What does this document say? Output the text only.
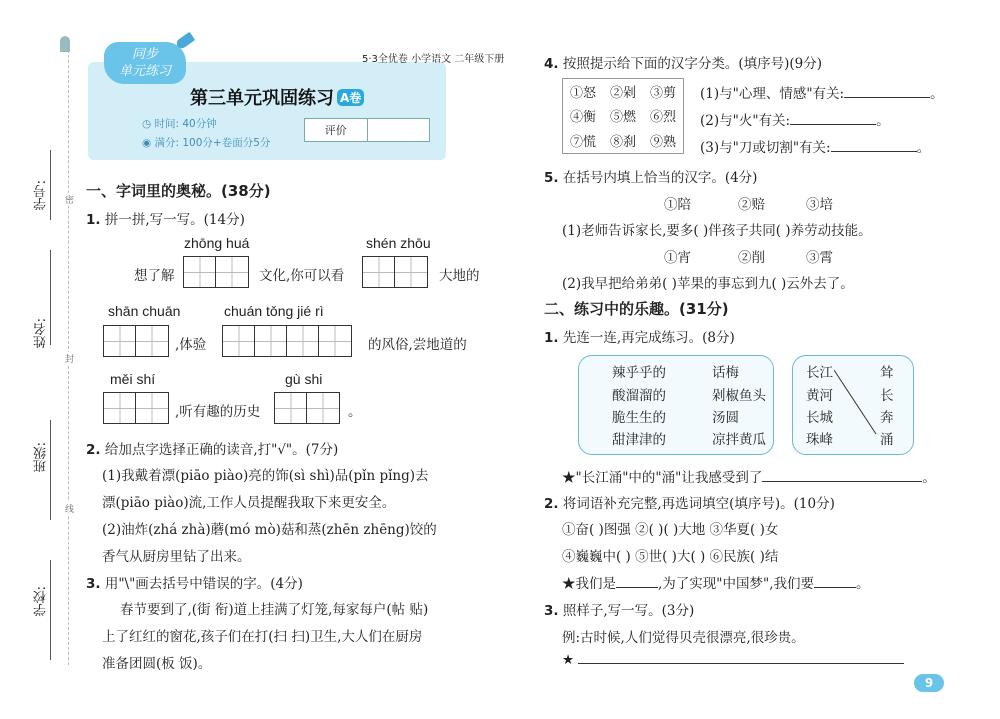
学号:
姓名:
班级:
学校:
密
封
线
同步
单元练习
5·3全优卷 小学语文 二年级下册
第三单元巩固练习 A卷
◷ 时间: 40分钟
◉ 满分: 100分+卷面分5分
评价
一、字词里的奥秘。(38分)
1. 拼一拼,写一写。(14分)
zhōng huá	shén zhōu
想了解	文化,你可以看	大地的
shān chuān	chuán tǒng jié rì
,体验	的风俗,尝地道的
měi shí	gù shi
,听有趣的历史	。
2. 给加点字选择正确的读音,打"√"。(7分)
(1)我戴着漂(piāo piào)亮的饰(sì shì)品(pǐn pǐng)去
漂(piāo piào)流,工作人员提醒我取下来更安全。
(2)油炸(zhá zhà)蘑(mó mò)菇和蒸(zhēn zhēng)饺的
香气从厨房里钻了出来。
3. 用"\"画去括号中错误的字。(4分)
春节要到了,(街 衔)道上挂满了灯笼,每家每户(帖 贴)
上了红红的窗花,孩子们在打(扫 扫)卫生,大人们在厨房
准备团圆(板 饭)。
4. 按照提示给下面的汉字分类。(填序号)(9分)
①怒 ②剁 ③剪
④衡 ⑤燃 ⑥烈
⑦慌 ⑧刹 ⑨熟
(1)与"心理、情感"有关:	。
(2)与"火"有关:	。
(3)与"刀或切割"有关:	。
5. 在括号内填上恰当的汉字。(4分)
①陪	②赔	③培
(1)老师告诉家长,要多( )伴孩子共同( )养劳动技能。
①宵	②削	③霄
(2)我早把给弟弟( )苹果的事忘到九( )云外去了。
二、练习中的乐趣。(31分)
1. 先连一连,再完成练习。(8分)
辣乎乎的
酸溜溜的
脆生生的
甜津津的
话梅
剁椒鱼头
汤圆
凉拌黄瓜
长江
黄河
长城
珠峰
耸
长
奔
涌
★"长江涌"中的"涌"让我感受到了	。
2. 将词语补充完整,再选词填空(填序号)。(10分)
①奋( )图强 ②( )( )大地 ③华夏( )女
④巍巍中( ) ⑤世( )大( ) ⑥民族( )结
★我们是	,为了实现"中国梦",我们要	。
3. 照样子,写一写。(3分)
例:古时候,人们觉得贝壳很漂亮,很珍贵。
★
9
